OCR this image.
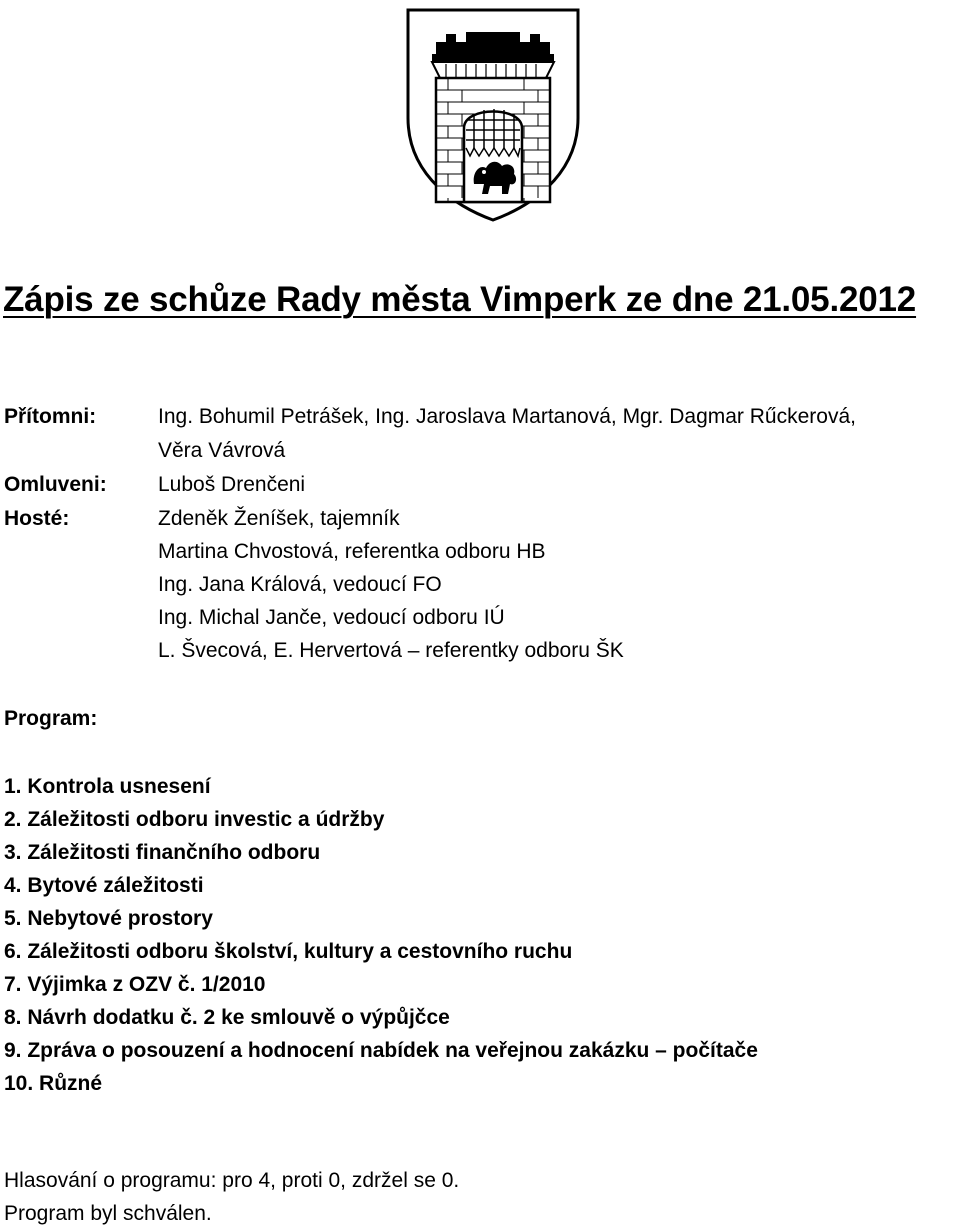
Zápis ze schůze Rady města Vimperk ze dne 21.05.2012
Přítomni:	Ing. Bohumil Petrášek, Ing. Jaroslava Martanová, Mgr. Dagmar Rűckerová,
Věra Vávrová
Omluveni: Luboš Drenčeni
Hosté:	Zdeněk Ženíšek, tajemník
Martina Chvostová, referentka odboru HB
Ing. Jana Králová, vedoucí FO
Ing. Michal Janče, vedoucí odboru IÚ
L. Švecová, E. Hervertová – referentky odboru ŠK
Program:
1. Kontrola usnesení
2. Záležitosti odboru investic a údržby
3. Záležitosti finančního odboru
4. Bytové záležitosti
5. Nebytové prostory
6. Záležitosti odboru školství, kultury a cestovního ruchu
7. Výjimka z OZV č. 1/2010
8. Návrh dodatku č. 2 ke smlouvě o výpůjčce
9. Zpráva o posouzení a hodnocení nabídek na veřejnou zakázku – počítače
10. Různé
Hlasování o programu: pro 4, proti 0, zdržel se 0.
Program byl schválen.
